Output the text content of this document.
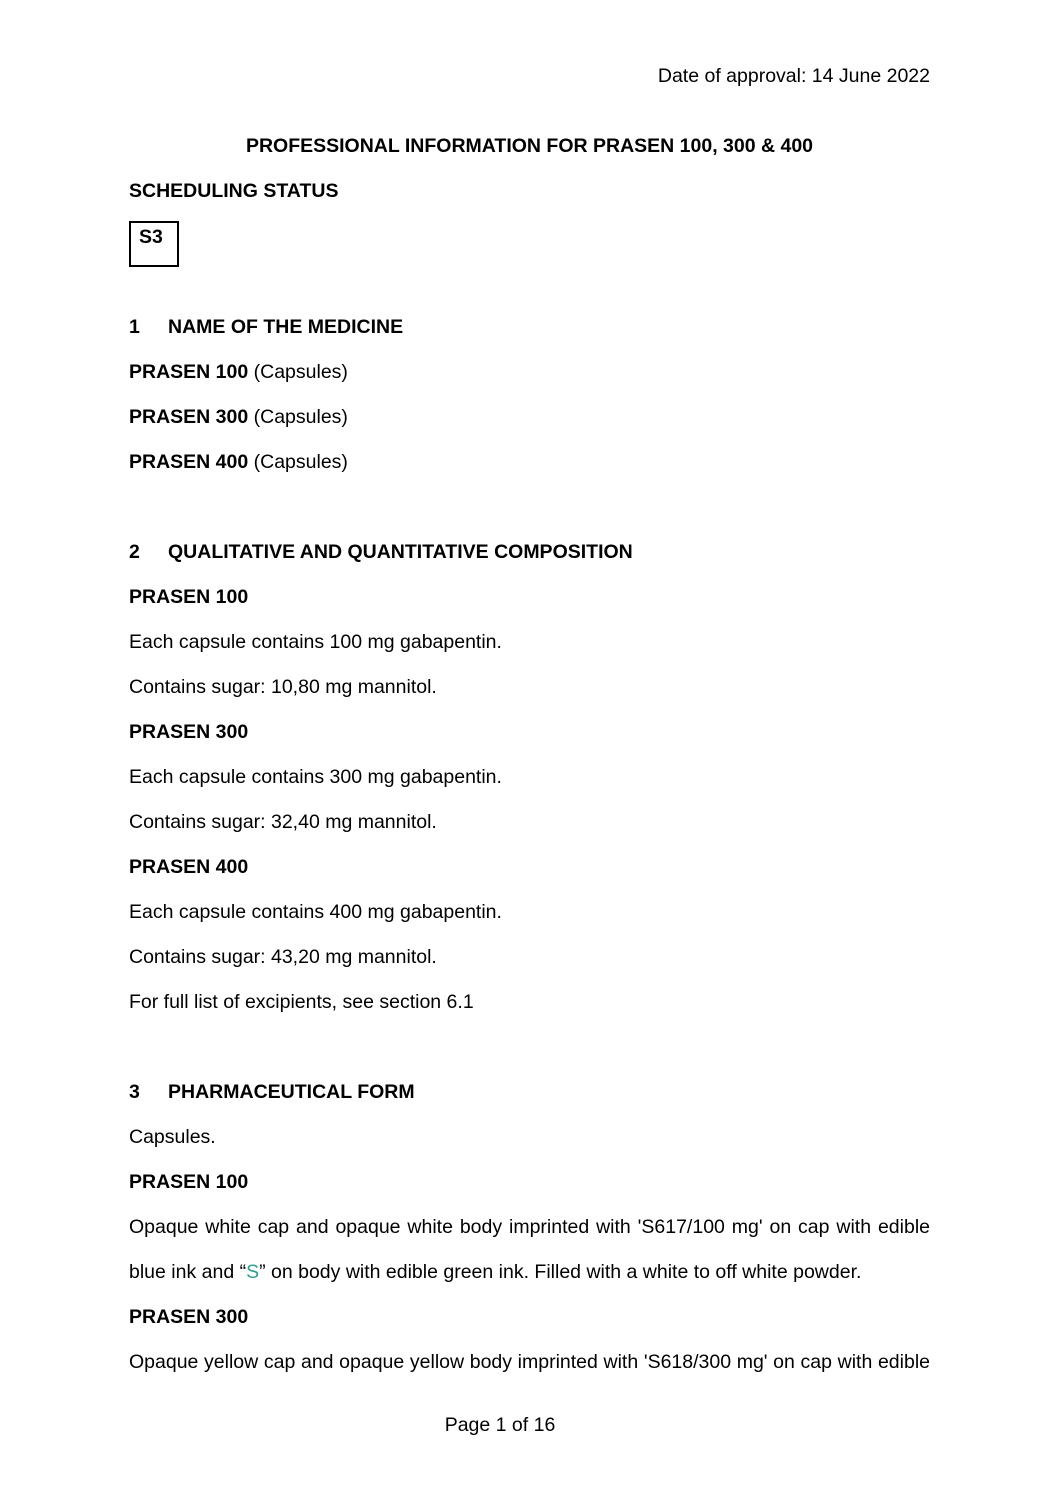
Date of approval: 14 June 2022

PROFESSIONAL INFORMATION FOR PRASEN 100, 300 & 400

SCHEDULING STATUS

S3

1 NAME OF THE MEDICINE

PRASEN 100 (Capsules)

PRASEN 300 (Capsules)

PRASEN 400 (Capsules)

2 QUALITATIVE AND QUANTITATIVE COMPOSITION

PRASEN 100

Each capsule contains 100 mg gabapentin.

Contains sugar: 10,80 mg mannitol.

PRASEN 300

Each capsule contains 300 mg gabapentin.

Contains sugar: 32,40 mg mannitol.

PRASEN 400

Each capsule contains 400 mg gabapentin.

Contains sugar: 43,20 mg mannitol.

For full list of excipients, see section 6.1

3 PHARMACEUTICAL FORM

Capsules.

PRASEN 100

Opaque white cap and opaque white body imprinted with 'S617/100 mg' on cap with edible

blue ink and “S” on body with edible green ink. Filled with a white to off white powder.

PRASEN 300

Opaque yellow cap and opaque yellow body imprinted with 'S618/300 mg' on cap with edible

Page 1 of 16
